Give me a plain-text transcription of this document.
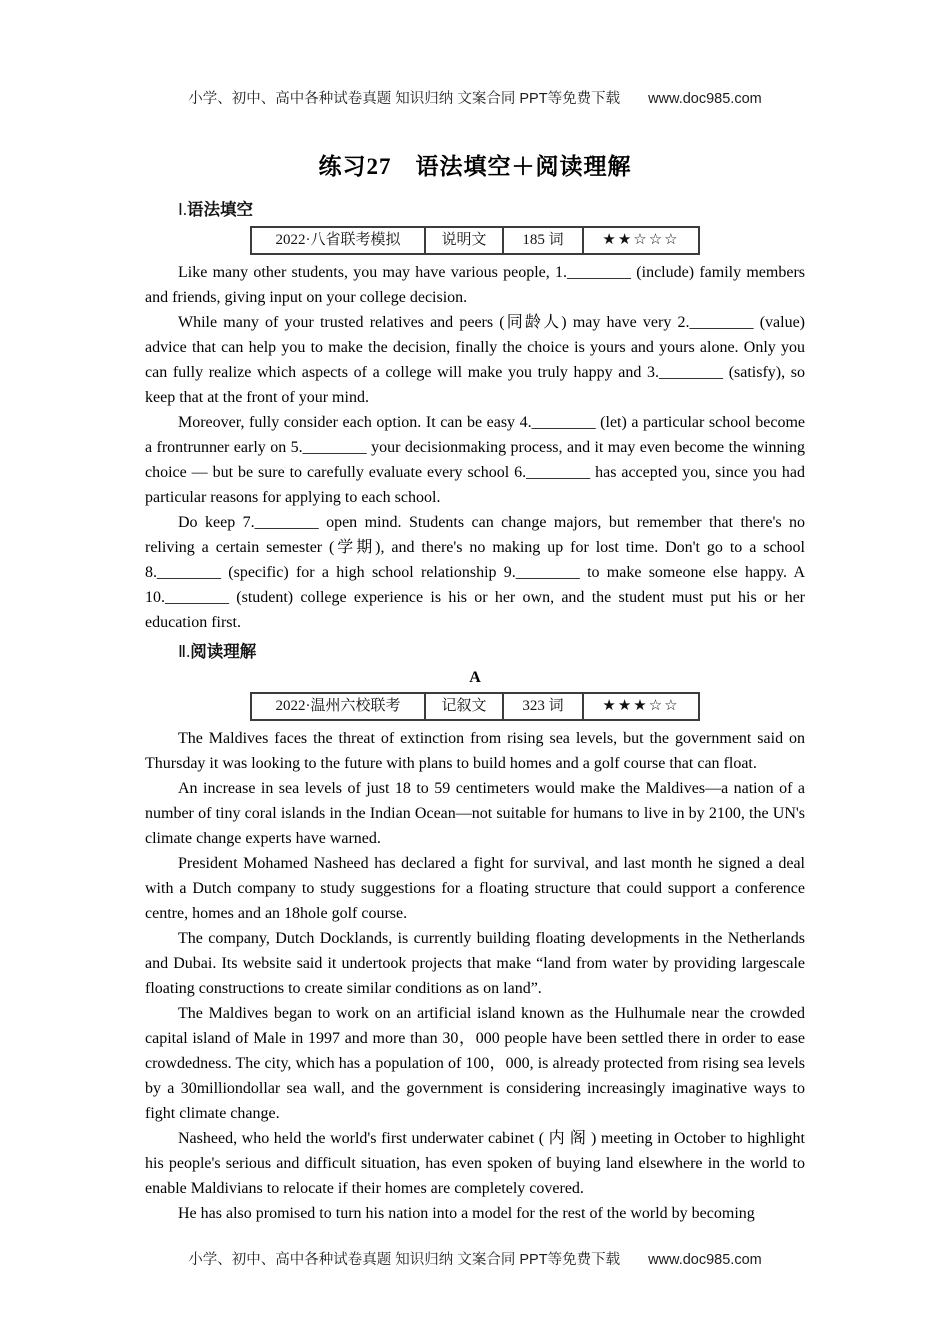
小学、初中、高中各种试卷真题 知识归纳 文案合同 PPT等免费下载 www.doc985.com
练习27　语法填空＋阅读理解
Ⅰ.语法填空
2022·八省联考模拟	说明文	185 词	★★☆☆☆

Like many other students, you may have various people, 1.________ (include) family members and friends, giving input on your college decision.

While many of your trusted relatives and peers (同龄人) may have very 2.________ (value) advice that can help you to make the decision, finally the choice is yours and yours alone. Only you can fully realize which aspects of a college will make you truly happy and 3.________ (satisfy), so keep that at the front of your mind.

Moreover, fully consider each option. It can be easy 4.________ (let) a particular school become a frontrunner early on 5.________ your decisionmaking process, and it may even become the winning choice — but be sure to carefully evaluate every school 6.________ has accepted you, since you had particular reasons for applying to each school.

Do keep 7.________ open mind. Students can change majors, but remember that there's no reliving a certain semester (学期), and there's no making up for lost time. Don't go to a school 8.________ (specific) for a high school relationship 9.________ to make someone else happy. A 10.________ (student) college experience is his or her own, and the student must put his or her education first.

Ⅱ.阅读理解
A
2022·温州六校联考	记叙文	323 词	★★★☆☆

The Maldives faces the threat of extinction from rising sea levels, but the government said on Thursday it was looking to the future with plans to build homes and a golf course that can float.

An increase in sea levels of just 18 to 59 centimeters would make the Maldives—a nation of a number of tiny coral islands in the Indian Ocean—not suitable for humans to live in by 2100, the UN's climate change experts have warned.

President Mohamed Nasheed has declared a fight for survival, and last month he signed a deal with a Dutch company to study suggestions for a floating structure that could support a conference centre, homes and an 18hole golf course.

The company, Dutch Docklands, is currently building floating developments in the Netherlands and Dubai. Its website said it undertook projects that make “land from water by providing largescale floating constructions to create similar conditions as on land”.

The Maldives began to work on an artificial island known as the Hulhumale near the crowded capital island of Male in 1997 and more than 30，000 people have been settled there in order to ease crowdedness. The city, which has a population of 100，000, is already protected from rising sea levels by a 30milliondollar sea wall, and the government is considering increasingly imaginative ways to fight climate change.

Nasheed, who held the world's first underwater cabinet ( 内 阁 ) meeting in October to highlight his people's serious and difficult situation, has even spoken of buying land elsewhere in the world to enable Maldivians to relocate if their homes are completely covered.

He has also promised to turn his nation into a model for the rest of the world by becoming

小学、初中、高中各种试卷真题 知识归纳 文案合同 PPT等免费下载 www.doc985.com
